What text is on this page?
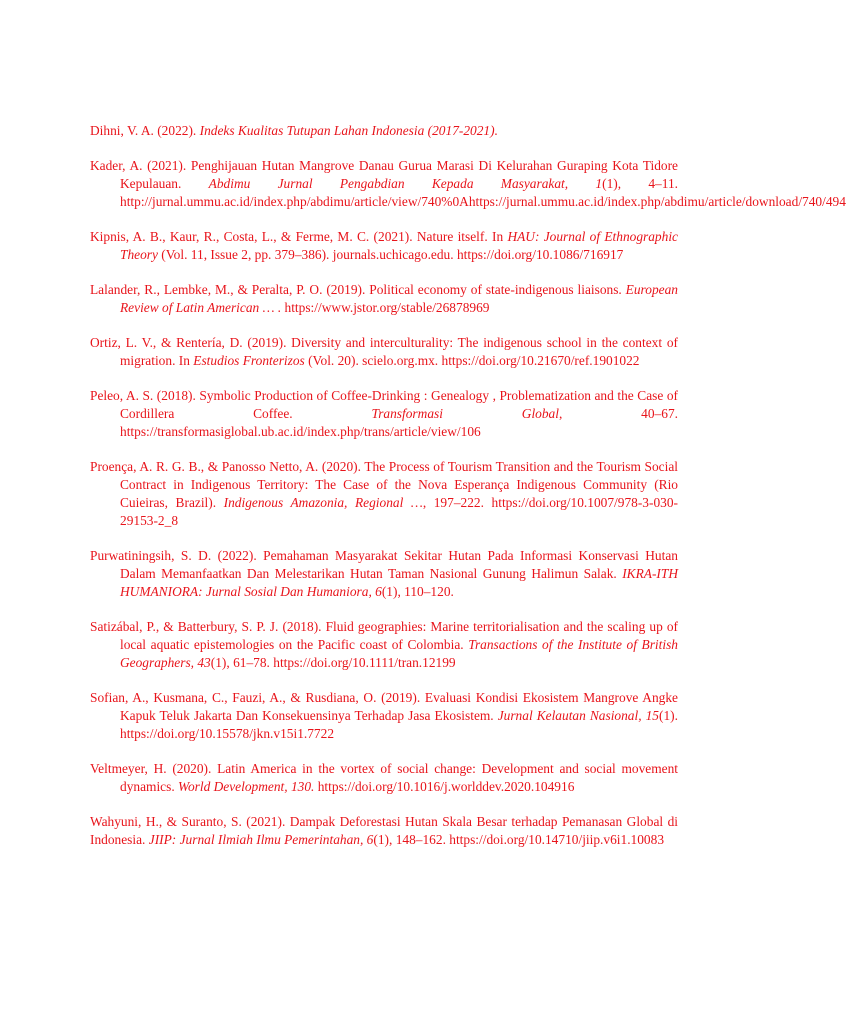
Dihni, V. A. (2022). Indeks Kualitas Tutupan Lahan Indonesia (2017-2021).
Kader, A. (2021). Penghijauan Hutan Mangrove Danau Gurua Marasi Di Kelurahan Guraping Kota Tidore Kepulauan. Abdimu Jurnal Pengabdian Kepada Masyarakat, 1(1), 4–11. http://jurnal.ummu.ac.id/index.php/abdimu/article/view/740%0Ahttps://jurnal.ummu.ac.id/index.php/abdimu/article/download/740/494
Kipnis, A. B., Kaur, R., Costa, L., & Ferme, M. C. (2021). Nature itself. In HAU: Journal of Ethnographic Theory (Vol. 11, Issue 2, pp. 379–386). journals.uchicago.edu. https://doi.org/10.1086/716917
Lalander, R., Lembke, M., & Peralta, P. O. (2019). Political economy of state-indigenous liaisons. European Review of Latin American … . https://www.jstor.org/stable/26878969
Ortiz, L. V., & Rentería, D. (2019). Diversity and interculturality: The indigenous school in the context of migration. In Estudios Fronterizos (Vol. 20). scielo.org.mx. https://doi.org/10.21670/ref.1901022
Peleo, A. S. (2018). Symbolic Production of Coffee-Drinking : Genealogy , Problematization and the Case of Cordillera Coffee. Transformasi Global, 40–67. https://transformasiglobal.ub.ac.id/index.php/trans/article/view/106
Proença, A. R. G. B., & Panosso Netto, A. (2020). The Process of Tourism Transition and the Tourism Social Contract in Indigenous Territory: The Case of the Nova Esperança Indigenous Community (Rio Cuieiras, Brazil). Indigenous Amazonia, Regional …, 197–222. https://doi.org/10.1007/978-3-030-29153-2_8
Purwatiningsih, S. D. (2022). Pemahaman Masyarakat Sekitar Hutan Pada Informasi Konservasi Hutan Dalam Memanfaatkan Dan Melestarikan Hutan Taman Nasional Gunung Halimun Salak. IKRA-ITH HUMANIORA: Jurnal Sosial Dan Humaniora, 6(1), 110–120.
Satizábal, P., & Batterbury, S. P. J. (2018). Fluid geographies: Marine territorialisation and the scaling up of local aquatic epistemologies on the Pacific coast of Colombia. Transactions of the Institute of British Geographers, 43(1), 61–78. https://doi.org/10.1111/tran.12199
Sofian, A., Kusmana, C., Fauzi, A., & Rusdiana, O. (2019). Evaluasi Kondisi Ekosistem Mangrove Angke Kapuk Teluk Jakarta Dan Konsekuensinya Terhadap Jasa Ekosistem. Jurnal Kelautan Nasional, 15(1). https://doi.org/10.15578/jkn.v15i1.7722
Veltmeyer, H. (2020). Latin America in the vortex of social change: Development and social movement dynamics. World Development, 130. https://doi.org/10.1016/j.worlddev.2020.104916
Wahyuni, H., & Suranto, S. (2021). Dampak Deforestasi Hutan Skala Besar terhadap Pemanasan Global di Indonesia. JIIP: Jurnal Ilmiah Ilmu Pemerintahan, 6(1), 148–162. https://doi.org/10.14710/jiip.v6i1.10083
